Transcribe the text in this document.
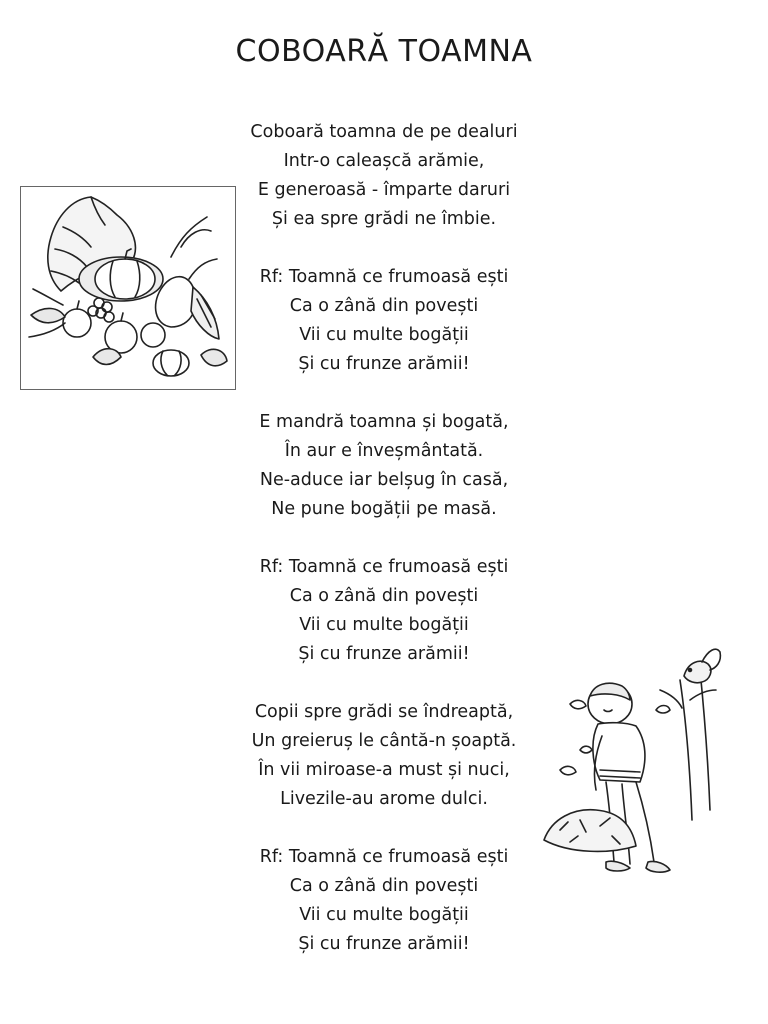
COBOARĂ TOAMNA
Coboară toamna de pe dealuri
Intr-o caleașcă arămie,
E generoasă - împarte daruri
Și ea spre grădi ne îmbie.
Rf: Toamnă ce frumoasă ești
Ca o zână din povești
Vii cu multe bogății
Și cu frunze arămii!
E mandră toamna și bogată,
În aur e înveșmântată.
Ne-aduce iar belșug în casă,
Ne pune bogății pe masă.
Rf: Toamnă ce frumoasă ești
Ca o zână din povești
Vii cu multe bogății
Și cu frunze arămii!
Copii spre grădi se îndreaptă,
Un greieruș le cântă-n șoaptă.
În vii miroase-a must și nuci,
Livezile-au arome dulci.
Rf: Toamnă ce frumoasă ești
Ca o zână din povești
Vii cu multe bogății
Și cu frunze arămii!
